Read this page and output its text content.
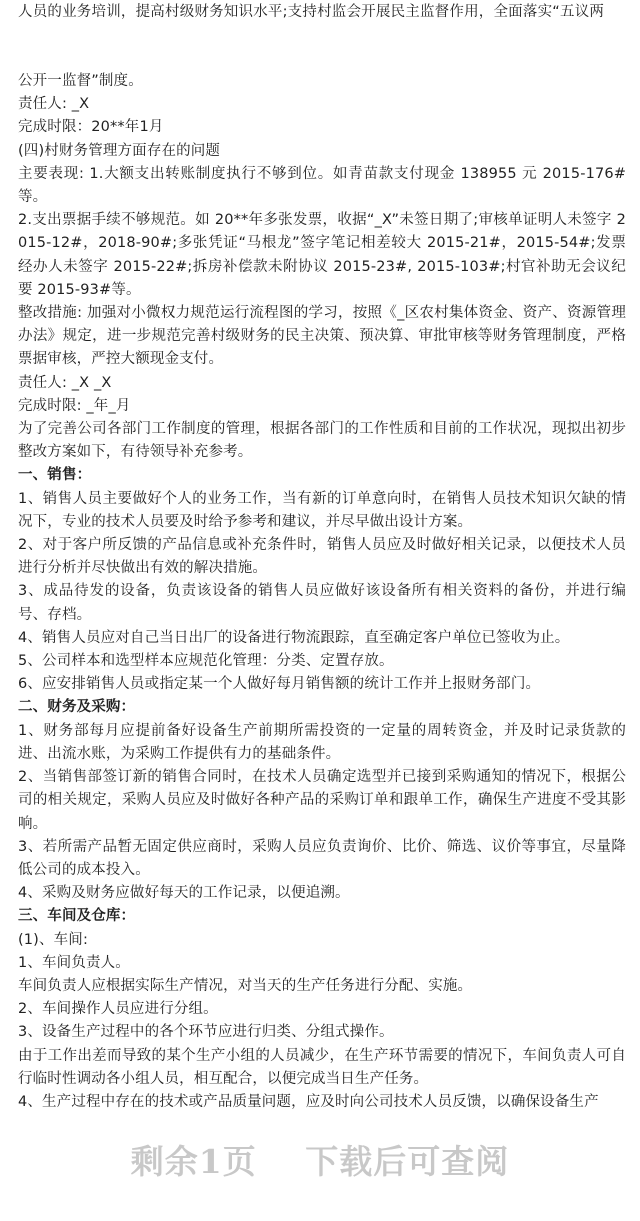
人员的业务培训，提高村级财务知识水平;支持村监会开展民主监督作用，全面落实“五议两

公开一监督”制度。

责任人: _X

完成时限：20**年1月

(四)村财务管理方面存在的问题

主要表现: 1.大额支出转账制度执行不够到位。如青苗款支付现金 138955 元 2015-176#等。

2.支出票据手续不够规范。如 20**年多张发票，收据“_X”未签日期了;审核单证明人未签字 2015-12#，2018-90#;多张凭证“马根龙”签字笔记相差较大 2015-21#，2015-54#;发票经办人未签字 2015-22#;拆房补偿款未附协议 2015-23#, 2015-103#;村官补助无会议纪要 2015-93#等。

整改措施: 加强对小微权力规范运行流程图的学习，按照《_区农村集体资金、资产、资源管理办法》规定，进一步规范完善村级财务的民主决策、预决算、审批审核等财务管理制度，严格票据审核，严控大额现金支付。

责任人: _X _X

完成时限: _年_月

为了完善公司各部门工作制度的管理，根据各部门的工作性质和目前的工作状况，现拟出初步整改方案如下，有待领导补充参考。

一、销售：

1、销售人员主要做好个人的业务工作，当有新的订单意向时，在销售人员技术知识欠缺的情况下，专业的技术人员要及时给予参考和建议，并尽早做出设计方案。

2、对于客户所反馈的产品信息或补充条件时，销售人员应及时做好相关记录，以便技术人员进行分析并尽快做出有效的解决措施。

3、成品待发的设备，负责该设备的销售人员应做好该设备所有相关资料的备份，并进行编号、存档。

4、销售人员应对自己当日出厂的设备进行物流跟踪，直至确定客户单位已签收为止。

5、公司样本和选型样本应规范化管理：分类、定置存放。

6、应安排销售人员或指定某一个人做好每月销售额的统计工作并上报财务部门。

二、财务及采购：

1、财务部每月应提前备好设备生产前期所需投资的一定量的周转资金，并及时记录货款的进、出流水账，为采购工作提供有力的基础条件。

2、当销售部签订新的销售合同时，在技术人员确定选型并已接到采购通知的情况下，根据公司的相关规定，采购人员应及时做好各种产品的采购订单和跟单工作，确保生产进度不受其影响。

3、若所需产品暂无固定供应商时，采购人员应负责询价、比价、筛选、议价等事宜，尽量降低公司的成本投入。

4、采购及财务应做好每天的工作记录，以便追溯。

三、车间及仓库：

(1)、车间:

1、车间负责人。

车间负责人应根据实际生产情况，对当天的生产任务进行分配、实施。

2、车间操作人员应进行分组。

3、设备生产过程中的各个环节应进行归类、分组式操作。

由于工作出差而导致的某个生产小组的人员减少，在生产环节需要的情况下，车间负责人可自行临时性调动各小组人员，相互配合，以便完成当日生产任务。

4、生产过程中存在的技术或产品质量问题，应及时向公司技术人员反馈，以确保设备生产

剩余1页 下载后可查阅
